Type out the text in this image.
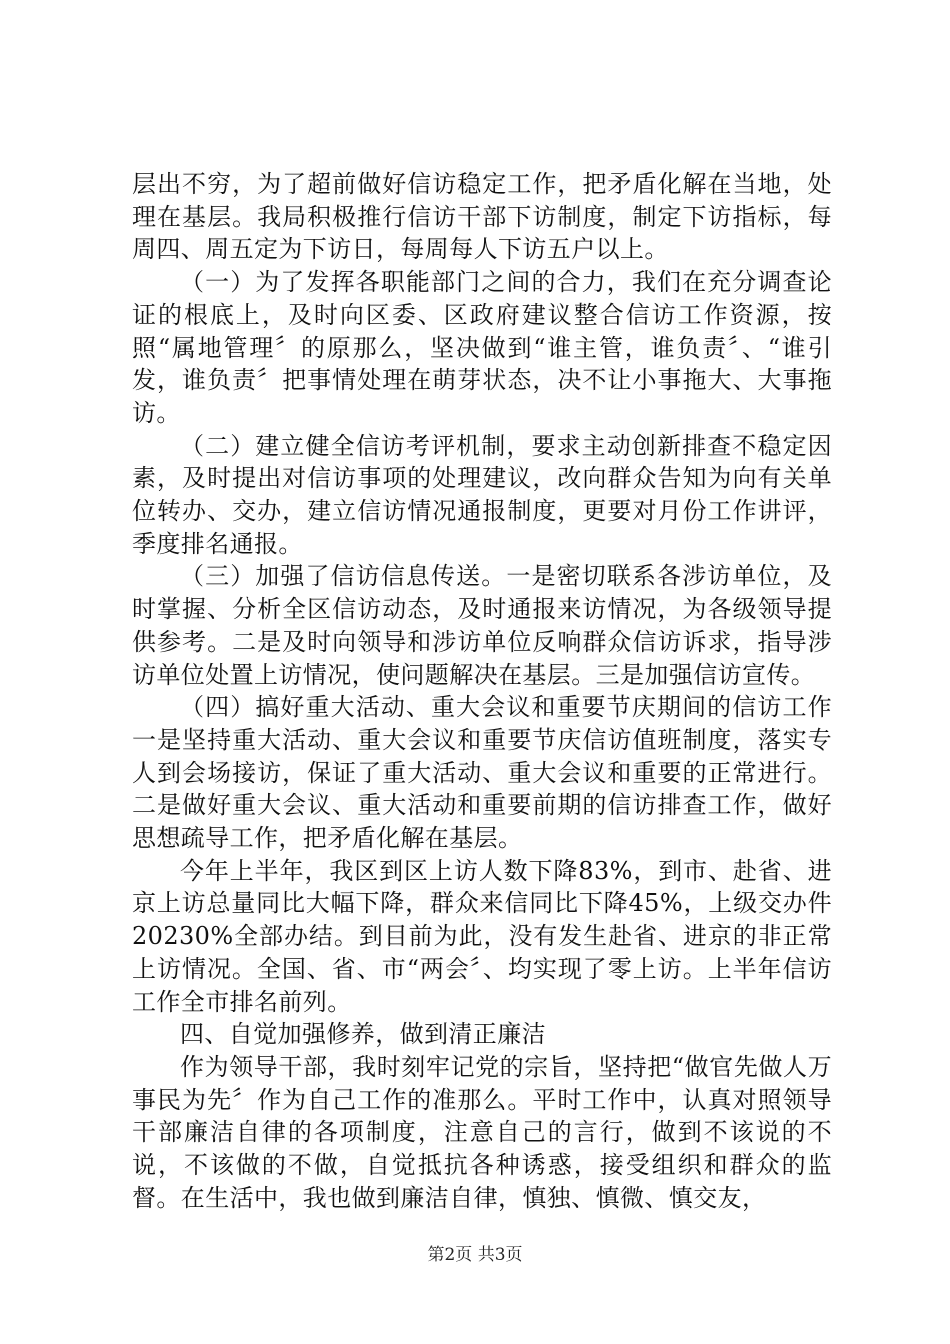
层出不穷，为了超前做好信访稳定工作，把矛盾化解在当地，处理在基层。我局积极推行信访干部下访制度，制定下访指标，每周四、周五定为下访日，每周每人下访五户以上。

（一）为了发挥各职能部门之间的合力，我们在充分调查论证的根底上，及时向区委、区政府建议整合信访工作资源，按照“属地管理〞的原那么，坚决做到“谁主管，谁负责〞、“谁引发，谁负责〞把事情处理在萌芽状态，决不让小事拖大、大事拖访。

（二）建立健全信访考评机制，要求主动创新排查不稳定因素，及时提出对信访事项的处理建议，改向群众告知为向有关单位转办、交办，建立信访情况通报制度，更要对月份工作讲评，季度排名通报。

（三）加强了信访信息传送。一是密切联系各涉访单位，及时掌握、分析全区信访动态，及时通报来访情况，为各级领导提供参考。二是及时向领导和涉访单位反响群众信访诉求，指导涉访单位处置上访情况，使问题解决在基层。三是加强信访宣传。

（四）搞好重大活动、重大会议和重要节庆期间的信访工作一是坚持重大活动、重大会议和重要节庆信访值班制度，落实专人到会场接访，保证了重大活动、重大会议和重要的正常进行。二是做好重大会议、重大活动和重要前期的信访排查工作，做好思想疏导工作，把矛盾化解在基层。

今年上半年，我区到区上访人数下降83%，到市、赴省、进京上访总量同比大幅下降，群众来信同比下降45%，上级交办件20230%全部办结。到目前为此，没有发生赴省、进京的非正常上访情况。全国、省、市“两会〞、均实现了零上访。上半年信访工作全市排名前列。

四、自觉加强修养，做到清正廉洁

作为领导干部，我时刻牢记党的宗旨，坚持把“做官先做人万事民为先〞作为自己工作的准那么。平时工作中，认真对照领导干部廉洁自律的各项制度，注意自己的言行，做到不该说的不说，不该做的不做，自觉抵抗各种诱惑，接受组织和群众的监督。在生活中，我也做到廉洁自律，慎独、慎微、慎交友，

第2页 共3页
